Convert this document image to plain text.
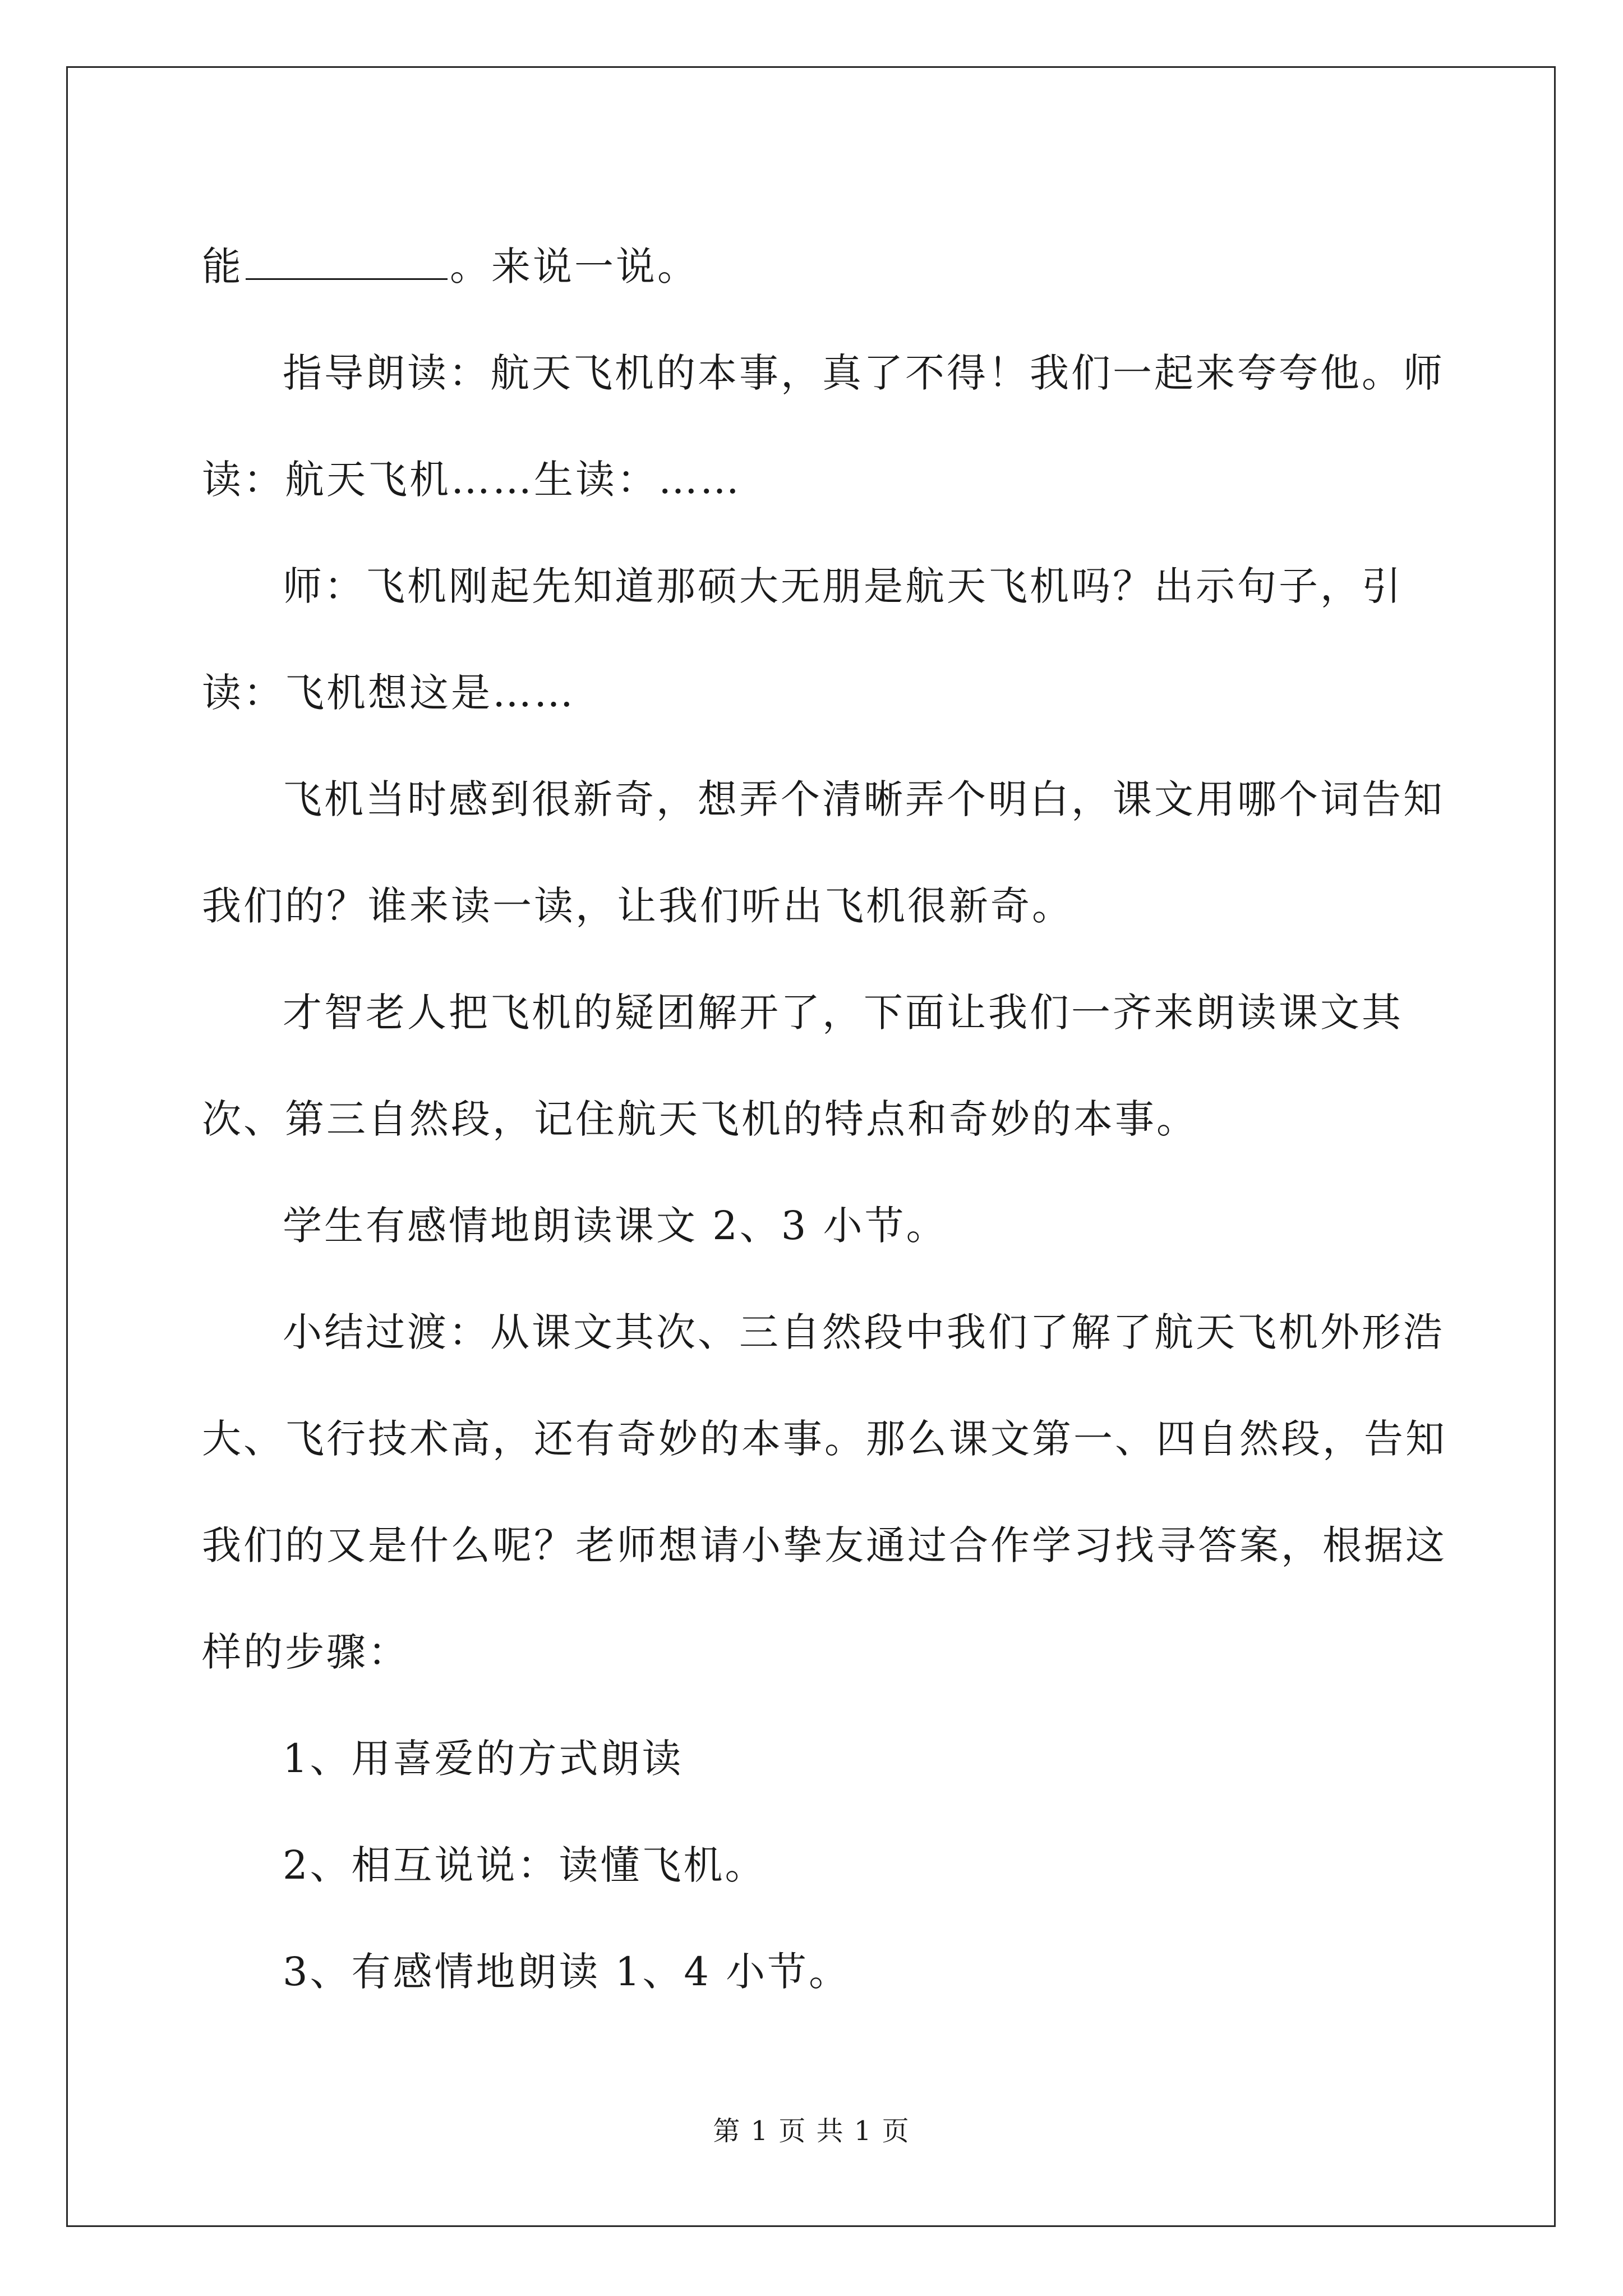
能	。来说一说。

指导朗读：航天飞机的本事，真了不得！我们一起来夸夸他。师读：航天飞机……生读：……

师：飞机刚起先知道那硕大无朋是航天飞机吗？出示句子，引读：飞机想这是……

飞机当时感到很新奇，想弄个清晰弄个明白，课文用哪个词告知我们的？谁来读一读，让我们听出飞机很新奇。

才智老人把飞机的疑团解开了，下面让我们一齐来朗读课文其次、第三自然段，记住航天飞机的特点和奇妙的本事。

学生有感情地朗读课文 2、3 小节。

小结过渡：从课文其次、三自然段中我们了解了航天飞机外形浩大、飞行技术高，还有奇妙的本事。那么课文第一、四自然段，告知我们的又是什么呢？老师想请小挚友通过合作学习找寻答案，根据这样的步骤：

1、用喜爱的方式朗读

2、相互说说：读懂飞机。

3、有感情地朗读 1、4 小节。

第 1 页 共 1 页
